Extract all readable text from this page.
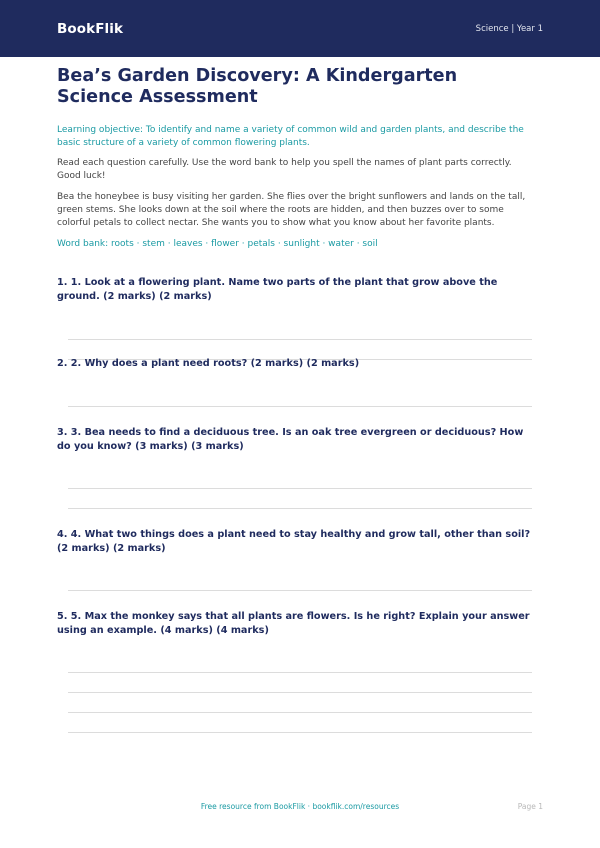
BookFlik	Science | Year 1
Bea’s Garden Discovery: A Kindergarten Science Assessment

Learning objective: To identify and name a variety of common wild and garden plants, and describe the basic structure of a variety of common flowering plants.

Read each question carefully. Use the word bank to help you spell the names of plant parts correctly. Good luck!

Bea the honeybee is busy visiting her garden. She flies over the bright sunflowers and lands on the tall, green stems. She looks down at the soil where the roots are hidden, and then buzzes over to some colorful petals to collect nectar. She wants you to show what you know about her favorite plants.

Word bank: roots · stem · leaves · flower · petals · sunlight · water · soil

1. 1. Look at a flowering plant. Name two parts of the plant that grow above the ground. (2 marks) (2 marks)

2. 2. Why does a plant need roots? (2 marks) (2 marks)

3. 3. Bea needs to find a deciduous tree. Is an oak tree evergreen or deciduous? How do you know? (3 marks) (3 marks)

4. 4. What two things does a plant need to stay healthy and grow tall, other than soil? (2 marks) (2 marks)

5. 5. Max the monkey says that all plants are flowers. Is he right? Explain your answer using an example. (4 marks) (4 marks)

Free resource from BookFlik · bookflik.com/resources	Page 1
